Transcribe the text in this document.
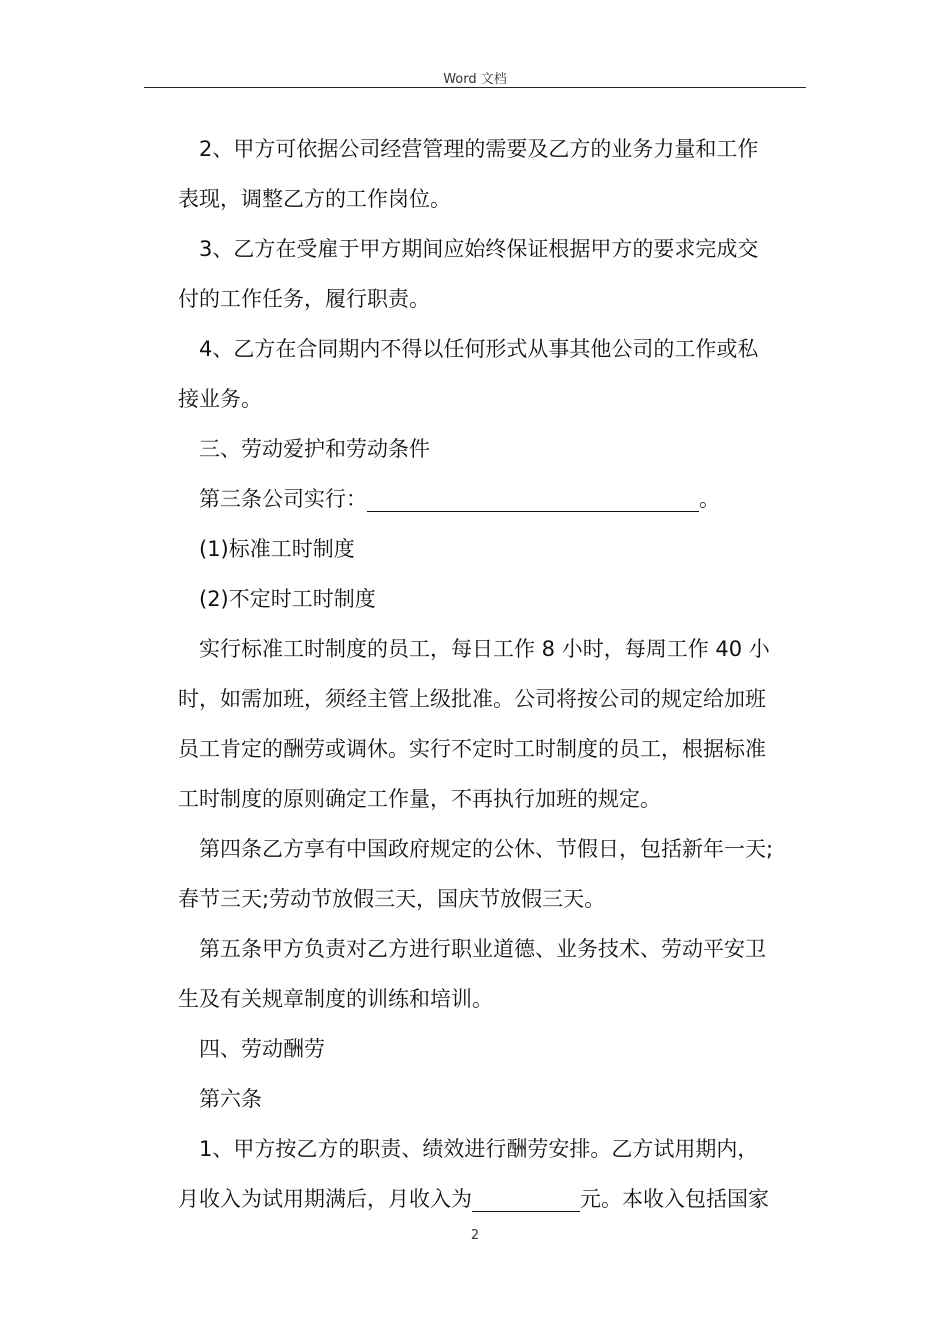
Word 文档
2、甲方可依据公司经营管理的需要及乙方的业务力量和工作
表现，调整乙方的工作岗位。
3、乙方在受雇于甲方期间应始终保证根据甲方的要求完成交
付的工作任务，履行职责。
4、乙方在合同期内不得以任何形式从事其他公司的工作或私
接业务。
三、劳动爱护和劳动条件
第三条公司实行：	。
(1)标准工时制度
(2)不定时工时制度
实行标准工时制度的员工，每日工作 8 小时，每周工作 40 小
时，如需加班，须经主管上级批准。公司将按公司的规定给加班
员工肯定的酬劳或调休。实行不定时工时制度的员工，根据标准
工时制度的原则确定工作量，不再执行加班的规定。
第四条乙方享有中国政府规定的公休、节假日，包括新年一天;
春节三天;劳动节放假三天，国庆节放假三天。
第五条甲方负责对乙方进行职业道德、业务技术、劳动平安卫
生及有关规章制度的训练和培训。
四、劳动酬劳
第六条
1、甲方按乙方的职责、绩效进行酬劳安排。乙方试用期内，
月收入为试用期满后，月收入为	元。本收入包括国家
2
